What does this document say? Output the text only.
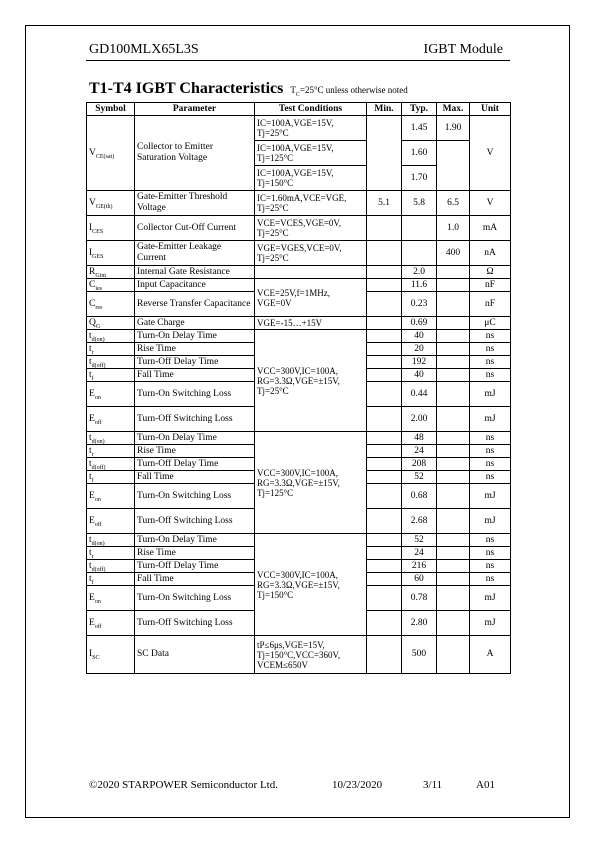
GD100MLX65L3S	IGBT Module
T1-T4 IGBT Characteristics $T_C=25^\circ C$ unless otherwise noted
Symbol	Parameter	Test Conditions	Min.	Typ.	Max.	Unit
$V_{CE(sat)}$	Collector to Emitter Saturation Voltage	IC=100A,VGE=15V, Tj=25°C		1.45	1.90	V
		IC=100A,VGE=15V, Tj=125°C		1.60		
		IC=100A,VGE=15V, Tj=150°C		1.70		
$V_{GE(th)}$	Gate-Emitter Threshold Voltage	IC=1.60mA,VCE=VGE, Tj=25°C	5.1	5.8	6.5	V
$I_{CES}$	Collector Cut-Off Current	VCE=VCES,VGE=0V, Tj=25°C			1.0	mA
$I_{GES}$	Gate-Emitter Leakage Current	VGE=VGES,VCE=0V, Tj=25°C			400	nA
$R_{Gint}$	Internal Gate Resistance			2.0		Ω
$C_{ies}$	Input Capacitance	VCE=25V,f=1MHz, VGE=0V		11.6		nF
$C_{res}$	Reverse Transfer Capacitance			0.23		nF
$Q_G$	Gate Charge	VGE=-15…+15V		0.69		μC
$t_{d(on)}$	Turn-On Delay Time	VCC=300V,IC=100A, RG=3.3Ω,VGE=±15V, Tj=25°C		40		ns
$t_r$	Rise Time			20		ns
$t_{d(off)}$	Turn-Off Delay Time			192		ns
$t_f$	Fall Time			40		ns
$E_{on}$	Turn-On Switching Loss			0.44		mJ
$E_{off}$	Turn-Off Switching Loss			2.00		mJ
$t_{d(on)}$	Turn-On Delay Time	VCC=300V,IC=100A, RG=3.3Ω,VGE=±15V, Tj=125°C		48		ns
$t_r$	Rise Time			24		ns
$t_{d(off)}$	Turn-Off Delay Time			208		ns
$t_f$	Fall Time			52		ns
$E_{on}$	Turn-On Switching Loss			0.68		mJ
$E_{off}$	Turn-Off Switching Loss			2.68		mJ
$t_{d(on)}$	Turn-On Delay Time	VCC=300V,IC=100A, RG=3.3Ω,VGE=±15V, Tj=150°C		52		ns
$t_r$	Rise Time			24		ns
$t_{d(off)}$	Turn-Off Delay Time			216		ns
$t_f$	Fall Time			60		ns
$E_{on}$	Turn-On Switching Loss			0.78		mJ
$E_{off}$	Turn-Off Switching Loss			2.80		mJ
$I_{SC}$	SC Data	tP≤6μs,VGE=15V, Tj=150°C,VCC=360V, VCEM≤650V		500		A
©2020 STARPOWER Semiconductor Ltd.	10/23/2020	3/11	A01
